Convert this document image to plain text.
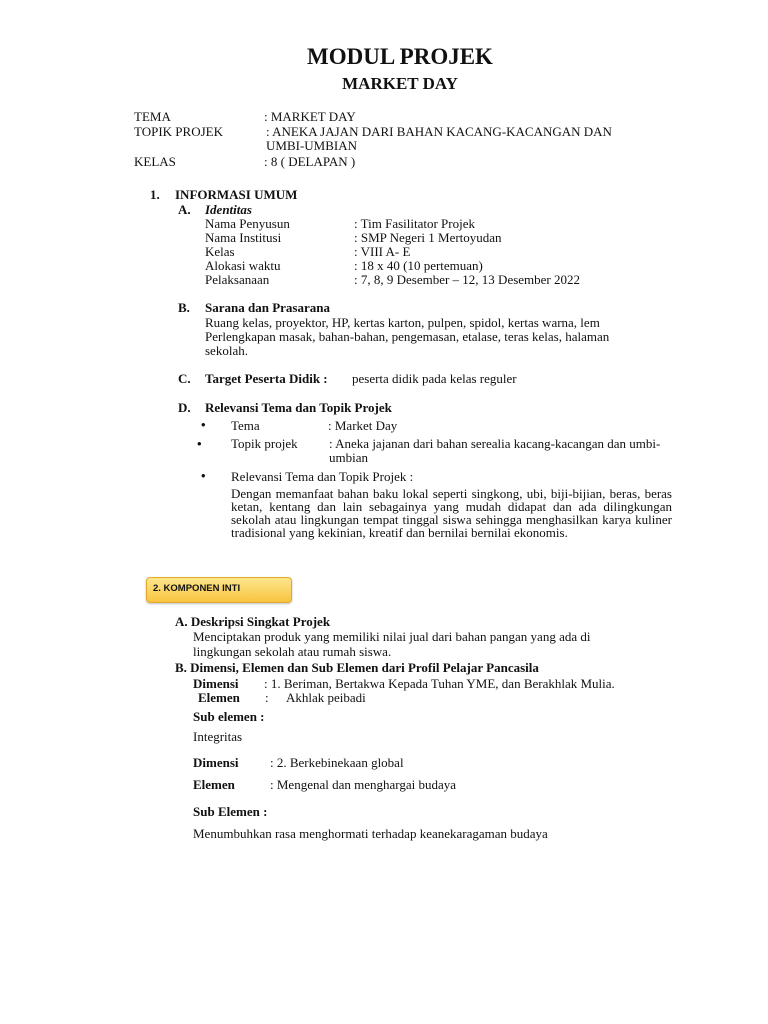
MODUL PROJEK
MARKET DAY
TEMA	: MARKET DAY
TOPIK PROJEK	: ANEKA JAJAN DARI BAHAN KACANG-KACANGAN DAN
UMBI-UMBIAN
KELAS	: 8 ( DELAPAN )
1. INFORMASI UMUM
A. Identitas
Nama Penyusun	: Tim Fasilitator Projek
Nama Institusi	: SMP Negeri 1 Mertoyudan
Kelas	: VIII A- E
Alokasi waktu	: 18 x 40 (10 pertemuan)
Pelaksanaan	: 7, 8, 9 Desember – 12, 13 Desember 2022
B. Sarana dan Prasarana
Ruang kelas, proyektor, HP, kertas karton, pulpen, spidol, kertas warna, lem
Perlengkapan masak, bahan-bahan, pengemasan, etalase, teras kelas, halaman
sekolah.
C. Target Peserta Didik : peserta didik pada kelas reguler
D. Relevansi Tema dan Topik Projek
• Tema	: Market Day
• Topik projek : Aneka jajanan dari bahan serealia kacang-kacangan dan umbi-
umbian
• Relevansi Tema dan Topik Projek :
Dengan memanfaat bahan baku lokal seperti singkong, ubi, biji-bijian, beras, beras ketan, kentang dan lain sebagainya yang mudah didapat dan ada dilingkungan sekolah atau lingkungan tempat tinggal siswa sehingga menghasilkan karya kuliner tradisional yang kekinian, kreatif dan bernilai bernilai ekonomis.
2. KOMPONEN INTI
A. Deskripsi Singkat Projek
Menciptakan produk yang memiliki nilai jual dari bahan pangan yang ada di
lingkungan sekolah atau rumah siswa.
B. Dimensi, Elemen dan Sub Elemen dari Profil Pelajar Pancasila
Dimensi : 1. Beriman, Bertakwa Kepada Tuhan YME, dan Berakhlak Mulia.
Elemen : Akhlak peibadi
Sub elemen :
Integritas
Dimensi : 2. Berkebinekaan global
Elemen	: Mengenal dan menghargai budaya
Sub Elemen :
Menumbuhkan rasa menghormati terhadap keanekaragaman budaya
